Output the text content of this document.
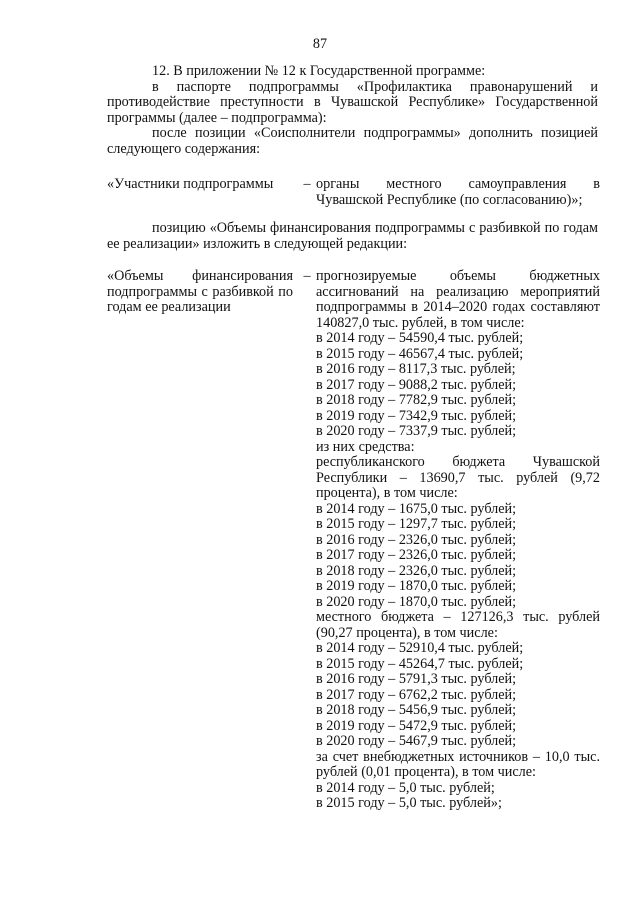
87

12. В приложении № 12 к Государственной программе:

в паспорте подпрограммы «Профилактика правонарушений и противодействие преступности в Чувашской Республике» Государственной программы (далее – подпрограмма):

после позиции «Соисполнители подпрограммы» дополнить позицией следующего содержания:

«Участники подпрограммы	– органы местного самоуправления в Чувашской Республике (по согласованию)»;

позицию «Объемы финансирования подпрограммы с разбивкой по годам ее реализации» изложить в следующей редакции:

«Объемы финансирования подпрограммы с разбивкой по годам ее реализации
– прогнозируемые объемы бюджетных ассигнований на реализацию мероприятий подпрограммы в 2014–2020 годах составляют 140827,0 тыс. рублей, в том числе:
в 2014 году – 54590,4 тыс. рублей;
в 2015 году – 46567,4 тыс. рублей;
в 2016 году – 8117,3 тыс. рублей;
в 2017 году – 9088,2 тыс. рублей;
в 2018 году – 7782,9 тыс. рублей;
в 2019 году – 7342,9 тыс. рублей;
в 2020 году – 7337,9 тыс. рублей;
из них средства:
республиканского бюджета Чувашской Республики – 13690,7 тыс. рублей (9,72 процента), в том числе:
в 2014 году – 1675,0 тыс. рублей;
в 2015 году – 1297,7 тыс. рублей;
в 2016 году – 2326,0 тыс. рублей;
в 2017 году – 2326,0 тыс. рублей;
в 2018 году – 2326,0 тыс. рублей;
в 2019 году – 1870,0 тыс. рублей;
в 2020 году – 1870,0 тыс. рублей;
местного бюджета – 127126,3 тыс. рублей (90,27 процента), в том числе:
в 2014 году – 52910,4 тыс. рублей;
в 2015 году – 45264,7 тыс. рублей;
в 2016 году – 5791,3 тыс. рублей;
в 2017 году – 6762,2 тыс. рублей;
в 2018 году – 5456,9 тыс. рублей;
в 2019 году – 5472,9 тыс. рублей;
в 2020 году – 5467,9 тыс. рублей;
за счет внебюджетных источников – 10,0 тыс. рублей (0,01 процента), в том числе:
в 2014 году – 5,0 тыс. рублей;
в 2015 году – 5,0 тыс. рублей»;
